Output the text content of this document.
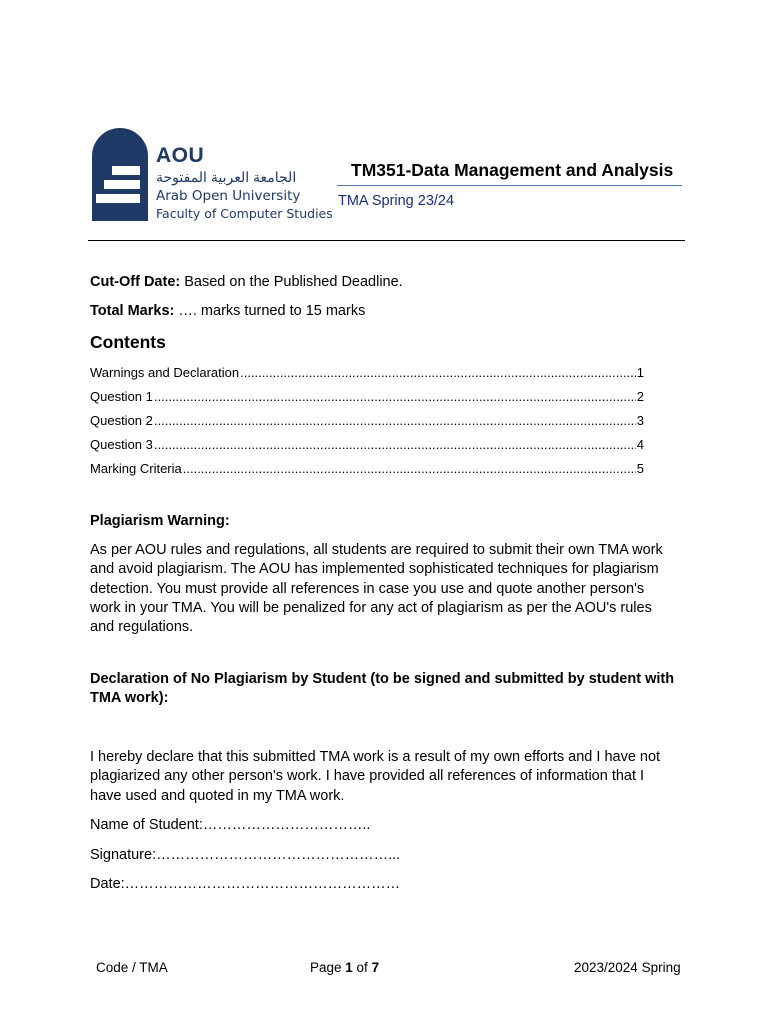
AOU
الجامعة العربية المفتوحة
Arab Open University
Faculty of Computer Studies
TM351-Data Management and Analysis
TMA Spring 23/24
Cut-Off Date: Based on the Published Deadline.
Total Marks: …. marks turned to 15 marks
Contents
Warnings and Declaration .....	1
Question 1 .....	2
Question 2 .....	3
Question 3 .....	4
Marking Criteria .....	5
Plagiarism Warning:
As per AOU rules and regulations, all students are required to submit their own TMA work and avoid plagiarism. The AOU has implemented sophisticated techniques for plagiarism detection. You must provide all references in case you use and quote another person's work in your TMA. You will be penalized for any act of plagiarism as per the AOU's rules and regulations.
Declaration of No Plagiarism by Student (to be signed and submitted by student with TMA work):
I hereby declare that this submitted TMA work is a result of my own efforts and I have not plagiarized any other person's work. I have provided all references of information that I have used and quoted in my TMA work.
Name of Student:……………………………..
Signature:…………………………………………...
Date:…………………………………………………
Code / TMA	Page 1 of 7	2023/2024 Spring
